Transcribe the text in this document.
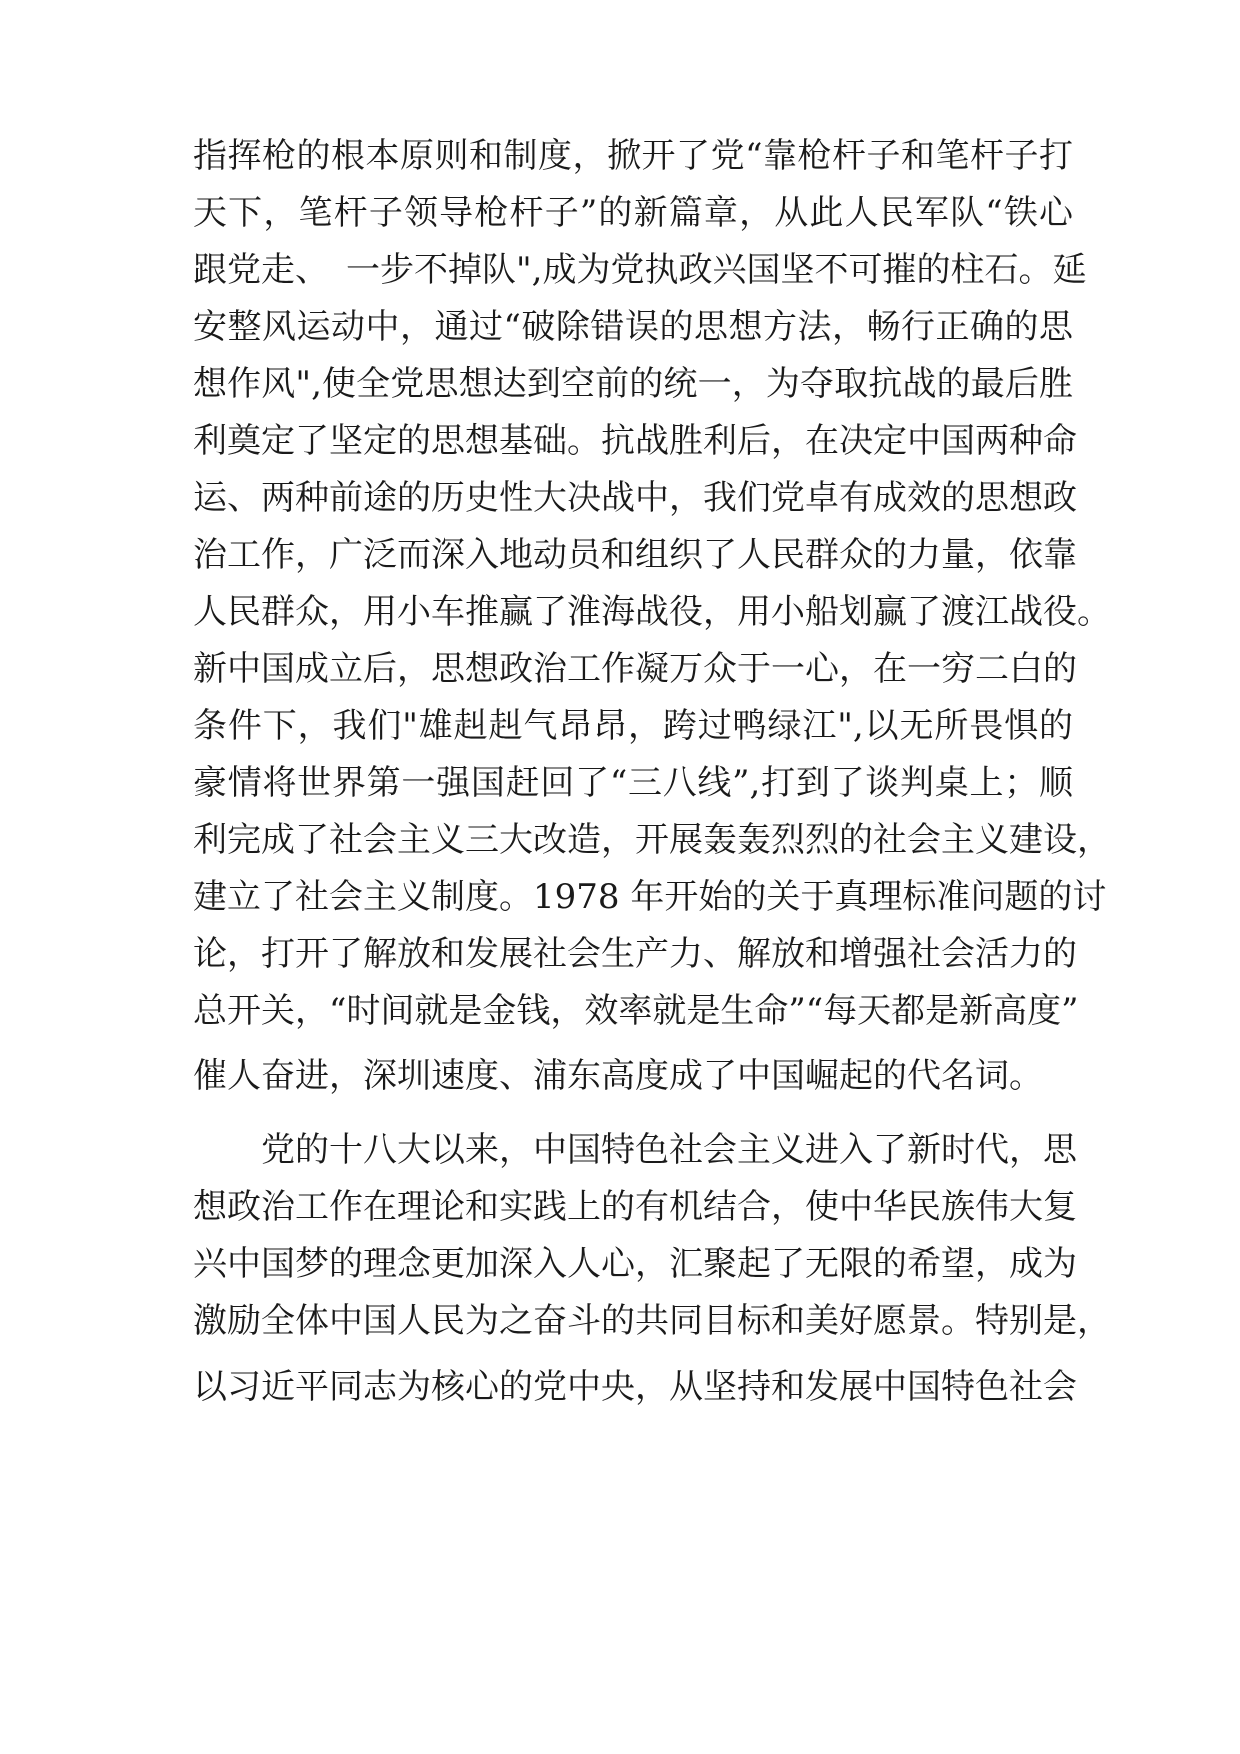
指挥枪的根本原则和制度，掀开了党“靠枪杆子和笔杆子打
天下，笔杆子领导枪杆子”的新篇章，从此人民军队“铁心
跟党走、　一步不掉队",成为党执政兴国坚不可摧的柱石。延
安整风运动中，通过“破除错误的思想方法，畅行正确的思
想作风",使全党思想达到空前的统一，为夺取抗战的最后胜
利奠定了坚定的思想基础。抗战胜利后，在决定中国两种命
运、两种前途的历史性大决战中，我们党卓有成效的思想政
治工作，广泛而深入地动员和组织了人民群众的力量，依靠
人民群众，用小车推赢了淮海战役，用小船划赢了渡江战役。
新中国成立后，思想政治工作凝万众于一心，在一穷二白的
条件下，我们"雄赳赳气昂昂，跨过鸭绿江",以无所畏惧的
豪情将世界第一强国赶回了“三八线”,打到了谈判桌上；顺
利完成了社会主义三大改造，开展轰轰烈烈的社会主义建设，
建立了社会主义制度。1978 年开始的关于真理标准问题的讨
论，打开了解放和发展社会生产力、解放和增强社会活力的
总开关，“时间就是金钱，效率就是生命”“每天都是新高度”
催人奋进，深圳速度、浦东高度成了中国崛起的代名词。
　　党的十八大以来，中国特色社会主义进入了新时代，思
想政治工作在理论和实践上的有机结合，使中华民族伟大复
兴中国梦的理念更加深入人心，汇聚起了无限的希望，成为
激励全体中国人民为之奋斗的共同目标和美好愿景。特别是，
以习近平同志为核心的党中央，从坚持和发展中国特色社会
